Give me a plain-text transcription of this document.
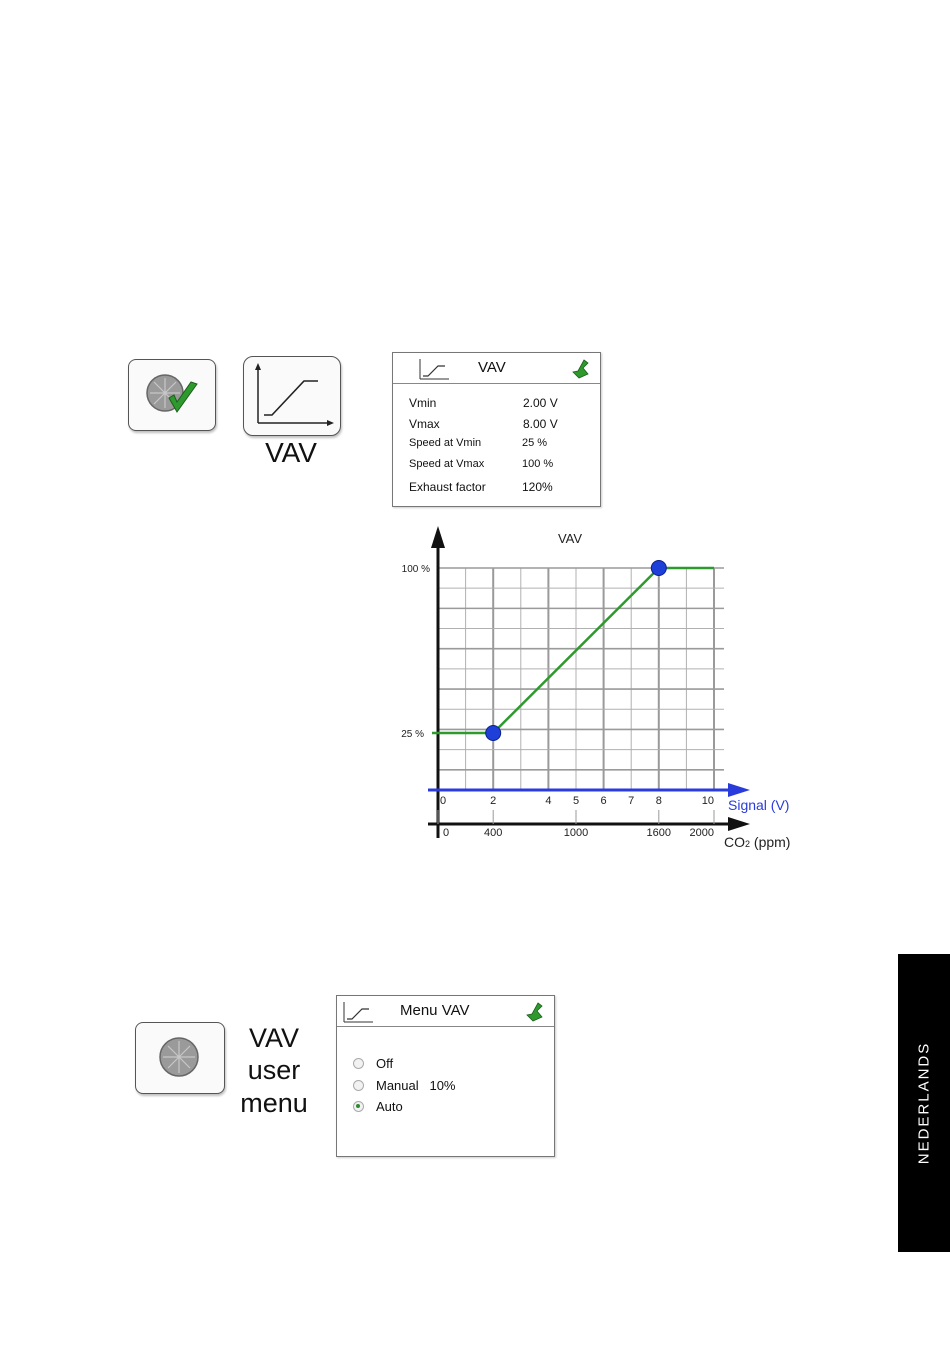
VAV
VAV
Vmin	2.00 V
Vmax	8.00 V
Speed at Vmin	25 %
Speed at Vmax	100 %
Exhaust factor	120%
VAV
100 %
25 %
0	2	4 5 6 7 8	10 Signal (V)
0	400	1000	1600 2000
CO2 (ppm)
VAV
user
menu
Menu VAV
Off
Manual   10%
Auto	NEDERLANDS
